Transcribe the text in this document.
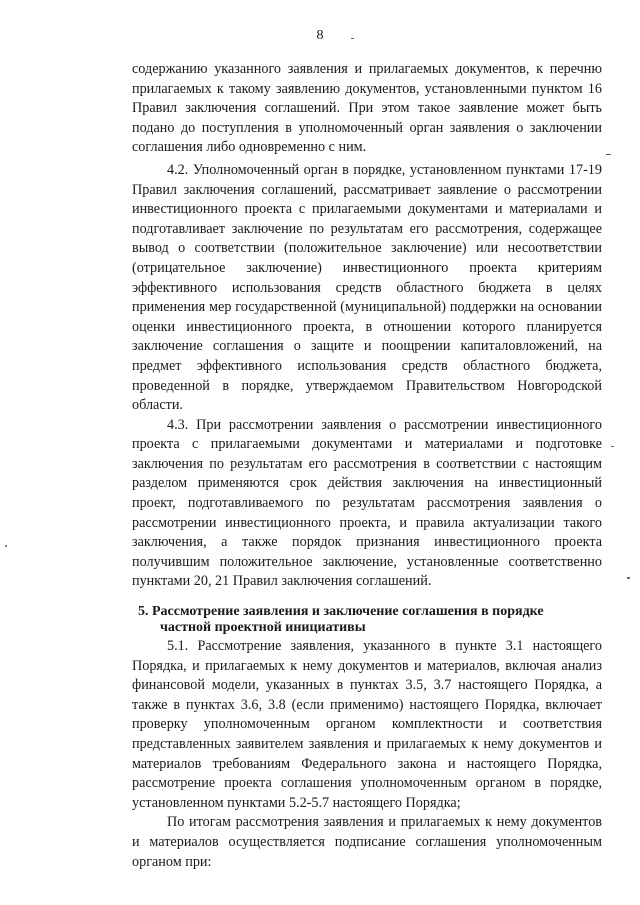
8

содержанию указанного заявления и прилагаемых документов, к перечню прилагаемых к такому заявлению документов, установленными пунктом 16 Правил заключения соглашений. При этом такое заявление может быть подано до поступления в уполномоченный орган заявления о заключении соглашения либо одновременно с ним.

4.2. Уполномоченный орган в порядке, установленном пунктами 17-19 Правил заключения соглашений, рассматривает заявление о рассмотрении инвестиционного проекта с прилагаемыми документами и материалами и подготавливает заключение по результатам его рассмотрения, содержащее вывод о соответствии (положительное заключение) или несоответствии (отрицательное заключение) инвестиционного проекта критериям эффективного использования средств областного бюджета в целях применения мер государственной (муниципальной) поддержки на основании оценки инвестиционного проекта, в отношении которого планируется заключение соглашения о защите и поощрении капиталовложений, на предмет эффективного использования средств областного бюджета, проведенной в порядке, утверждаемом Правительством Новгородской области.

4.3. При рассмотрении заявления о рассмотрении инвестиционного проекта с прилагаемыми документами и материалами и подготовке заключения по результатам его рассмотрения в соответствии с настоящим разделом применяются срок действия заключения на инвестиционный проект, подготавливаемого по результатам рассмотрения заявления о рассмотрении инвестиционного проекта, и правила актуализации такого заключения, а также порядок признания инвестиционного проекта получившим положительное заключение, установленные соответственно пунктами 20, 21 Правил заключения соглашений.

5. Рассмотрение заявления и заключение соглашения в порядке
частной проектной инициативы

5.1. Рассмотрение заявления, указанного в пункте 3.1 настоящего Порядка, и прилагаемых к нему документов и материалов, включая анализ финансовой модели, указанных в пунктах 3.5, 3.7 настоящего Порядка, а также в пунктах 3.6, 3.8 (если применимо) настоящего Порядка, включает проверку уполномоченным органом комплектности и соответствия представленных заявителем заявления и прилагаемых к нему документов и материалов требованиям Федерального закона и настоящего Порядка, рассмотрение проекта соглашения уполномоченным органом в порядке, установленном пунктами 5.2-5.7 настоящего Порядка;

По итогам рассмотрения заявления и прилагаемых к нему документов и материалов осуществляется подписание соглашения уполномоченным органом при:
